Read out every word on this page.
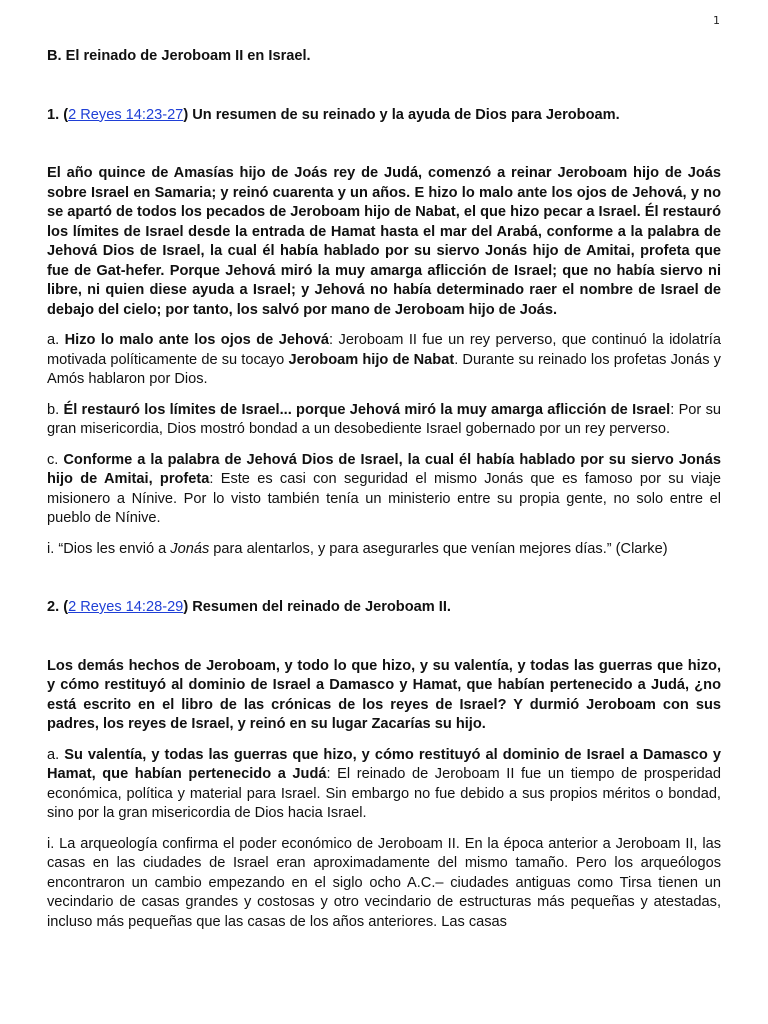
1

B. El reinado de Jeroboam II en Israel.

1. (2 Reyes 14:23-27) Un resumen de su reinado y la ayuda de Dios para Jeroboam.

El año quince de Amasías hijo de Joás rey de Judá, comenzó a reinar Jeroboam hijo de Joás sobre Israel en Samaria; y reinó cuarenta y un años. E hizo lo malo ante los ojos de Jehová, y no se apartó de todos los pecados de Jeroboam hijo de Nabat, el que hizo pecar a Israel. Él restauró los límites de Israel desde la entrada de Hamat hasta el mar del Arabá, conforme a la palabra de Jehová Dios de Israel, la cual él había hablado por su siervo Jonás hijo de Amitai, profeta que fue de Gat-hefer. Porque Jehová miró la muy amarga aflicción de Israel; que no había siervo ni libre, ni quien diese ayuda a Israel; y Jehová no había determinado raer el nombre de Israel de debajo del cielo; por tanto, los salvó por mano de Jeroboam hijo de Joás.

a. Hizo lo malo ante los ojos de Jehová: Jeroboam II fue un rey perverso, que continuó la idolatría motivada políticamente de su tocayo Jeroboam hijo de Nabat. Durante su reinado los profetas Jonás y Amós hablaron por Dios.

b. Él restauró los límites de Israel... porque Jehová miró la muy amarga aflicción de Israel: Por su gran misericordia, Dios mostró bondad a un desobediente Israel gobernado por un rey perverso.

c. Conforme a la palabra de Jehová Dios de Israel, la cual él había hablado por su siervo Jonás hijo de Amitai, profeta: Este es casi con seguridad el mismo Jonás que es famoso por su viaje misionero a Nínive. Por lo visto también tenía un ministerio entre su propia gente, no solo entre el pueblo de Nínive.

i. “Dios les envió a Jonás para alentarlos, y para asegurarles que venían mejores días.” (Clarke)

2. (2 Reyes 14:28-29) Resumen del reinado de Jeroboam II.

Los demás hechos de Jeroboam, y todo lo que hizo, y su valentía, y todas las guerras que hizo, y cómo restituyó al dominio de Israel a Damasco y Hamat, que habían pertenecido a Judá, ¿no está escrito en el libro de las crónicas de los reyes de Israel? Y durmió Jeroboam con sus padres, los reyes de Israel, y reinó en su lugar Zacarías su hijo.

a. Su valentía, y todas las guerras que hizo, y cómo restituyó al dominio de Israel a Damasco y Hamat, que habían pertenecido a Judá: El reinado de Jeroboam II fue un tiempo de prosperidad económica, política y material para Israel. Sin embargo no fue debido a sus propios méritos o bondad, sino por la gran misericordia de Dios hacia Israel.

i. La arqueología confirma el poder económico de Jeroboam II. En la época anterior a Jeroboam II, las casas en las ciudades de Israel eran aproximadamente del mismo tamaño. Pero los arqueólogos encontraron un cambio empezando en el siglo ocho A.C.– ciudades antiguas como Tirsa tienen un vecindario de casas grandes y costosas y otro vecindario de estructuras más pequeñas y atestadas, incluso más pequeñas que las casas de los años anteriores. Las casas
